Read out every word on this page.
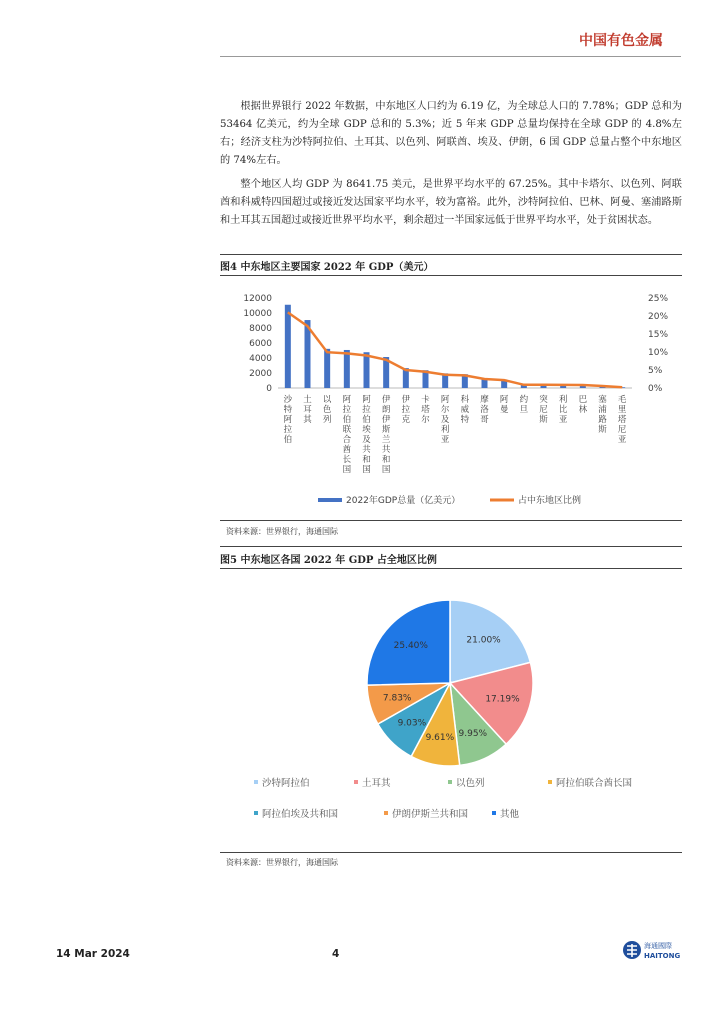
中国有色金属
根据世界银行 2022 年数据，中东地区人口约为 6.19 亿，为全球总人口的 7.78%；GDP 总和为 53464 亿美元，约为全球 GDP 总和的 5.3%；近 5 年来 GDP 总量均保持在全球 GDP 的 4.8%左右；经济支柱为沙特阿拉伯、土耳其、以色列、阿联酋、埃及、伊朗，6 国 GDP 总量占整个中东地区的 74%左右。
整个地区人均 GDP 为 8641.75 美元，是世界平均水平的 67.25%。其中卡塔尔、以色列、阿联酋和科威特四国超过或接近发达国家平均水平，较为富裕。此外，沙特阿拉伯、巴林、阿曼、塞浦路斯和土耳其五国超过或接近世界平均水平，剩余超过一半国家远低于世界平均水平，处于贫困状态。
图4 中东地区主要国家 2022 年 GDP（美元）
0
2000
4000
6000
8000
10000
12000
0%
5%
10%
15%
20%
25%
沙
特
阿
拉
伯
土
耳
其
以
色
列
阿
拉
伯
联
合
酋
长
国
阿
拉
伯
埃
及
共
和
国
伊
朗
伊
斯
兰
共
和
国
伊
拉
克
卡
塔
尔
阿
尔
及
利
亚
科
威
特
摩
洛
哥
阿
曼
约
旦
突
尼
斯
利
比
亚
巴
林
塞
浦
路
斯
毛
里
塔
尼
亚
2022年GDP总量（亿美元）	占中东地区比例
资料来源：世界银行，海通国际
图5 中东地区各国 2022 年 GDP 占全地区比例
21.00%
17.19%
9.95%
9.61%
9.03%
7.83%
25.40%
沙特阿拉伯	土耳其	以色列	阿拉伯联合酋长国
阿拉伯埃及共和国	伊朗伊斯兰共和国	其他
资料来源：世界银行，海通国际
14 Mar 2024	4
海通國際
HAITONG
